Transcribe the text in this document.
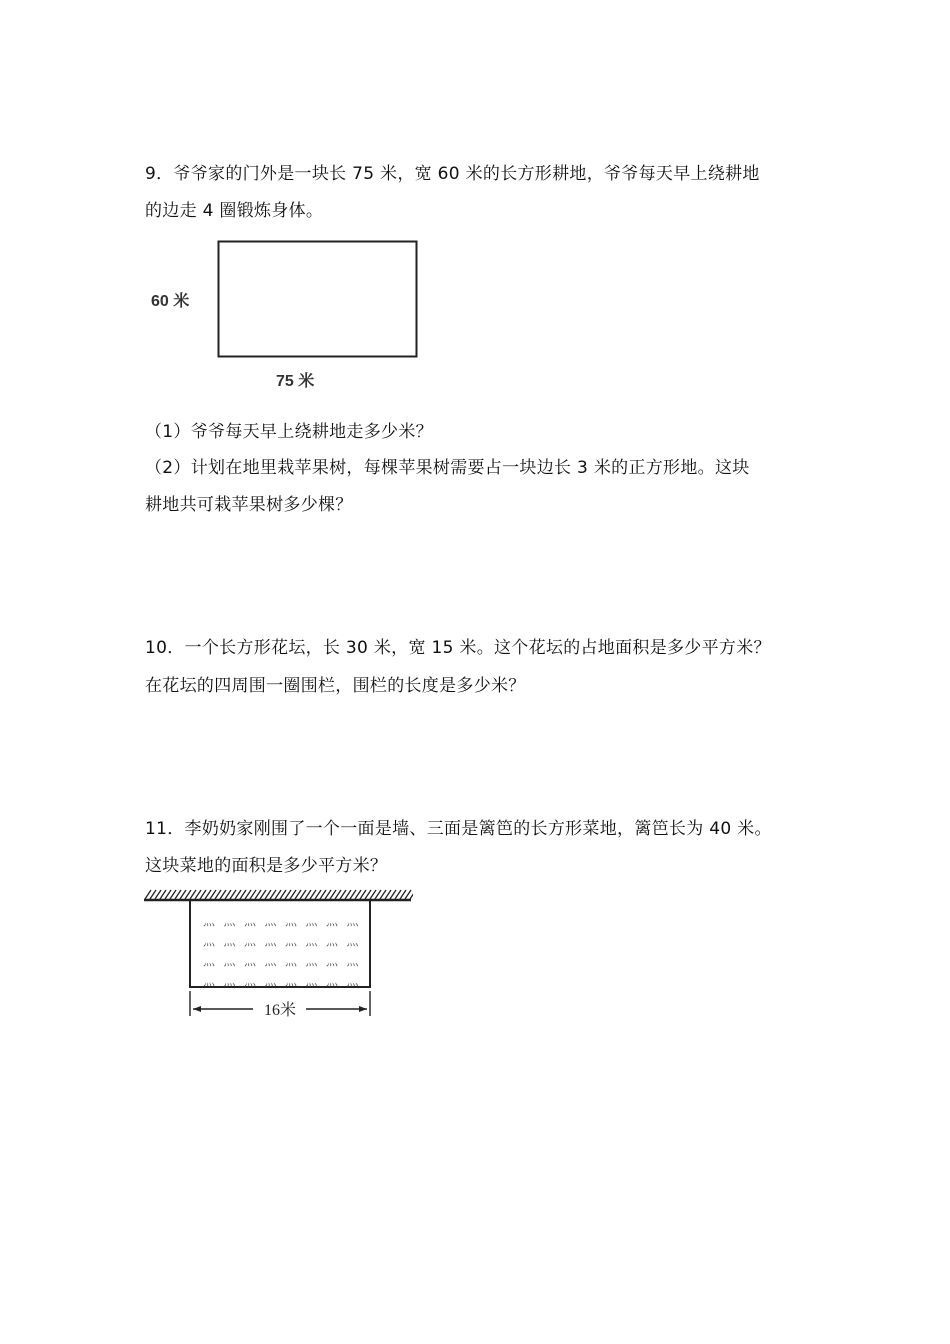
9．爷爷家的门外是一块长 75 米，宽 60 米的长方形耕地，爷爷每天早上绕耕地
的边走 4 圈锻炼身体。
60 米
75 米
（1）爷爷每天早上绕耕地走多少米？
（2）计划在地里栽苹果树，每棵苹果树需要占一块边长 3 米的正方形地。这块
耕地共可栽苹果树多少棵？
10．一个长方形花坛，长 30 米，宽 15 米。这个花坛的占地面积是多少平方米？
在花坛的四周围一圈围栏，围栏的长度是多少米？
11．李奶奶家刚围了一个一面是墙、三面是篱笆的长方形菜地，篱笆长为 40 米。
这块菜地的面积是多少平方米？
⺣ ⺣ ⺣ ⺣ ⺣ ⺣ ⺣ ⺣
⺣ ⺣ ⺣ ⺣ ⺣ ⺣ ⺣ ⺣
⺣ ⺣ ⺣ ⺣ ⺣ ⺣ ⺣ ⺣
⺣ ⺣ ⺣ ⺣ ⺣ ⺣ ⺣ ⺣
16米
